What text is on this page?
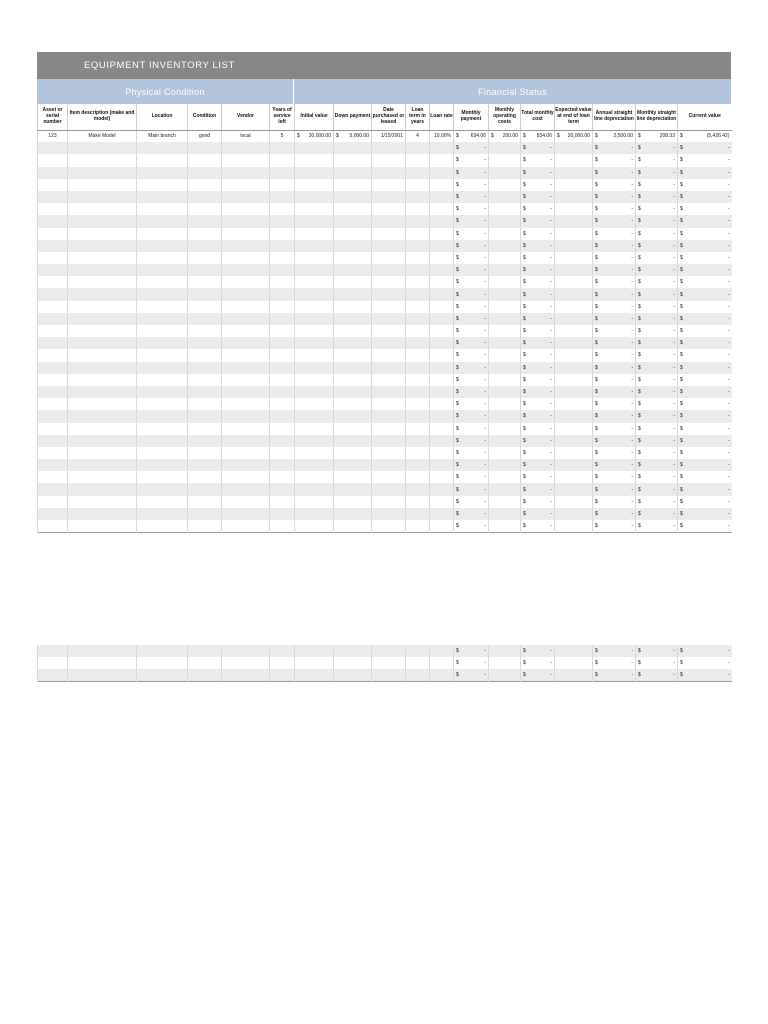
EQUIPMENT INVENTORY LIST
Physical Condition	Financial Status
Asset or serial number	Item description (make and model)	Location	Condition	Vendor	Years of service left	Initial value	Down payment	Date purchased or leased	Loan term in years	Loan rate	Monthly payment	Monthly operating costs	Total monthly cost	Expected value at end of loan term	Annual straight line depreciation	Monthly straight line depreciation	Current value
123	Make Model	Main branch	good	local	5	$ 30,000.00	$ 5,000.00	1/15/2001	4	10.00%	$ 634.06	$ 200.00	$ 834.06	$ 20,000.00	$ 2,500.00	$ 208.33	$ (5,426.42)

											$ -		$ -		$ -	$ -	$ -

											$ -		$ -		$ -	$ -	$ -

											$ -		$ -		$ -	$ -	$ -

											$ -		$ -		$ -	$ -	$ -

											$ -		$ -		$ -	$ -	$ -

											$ -		$ -		$ -	$ -	$ -

											$ -		$ -		$ -	$ -	$ -

											$ -		$ -		$ -	$ -	$ -

											$ -		$ -		$ -	$ -	$ -

											$ -		$ -		$ -	$ -	$ -

											$ -		$ -		$ -	$ -	$ -

											$ -		$ -		$ -	$ -	$ -

											$ -		$ -		$ -	$ -	$ -

											$ -		$ -		$ -	$ -	$ -

											$ -		$ -		$ -	$ -	$ -

											$ -		$ -		$ -	$ -	$ -

											$ -		$ -		$ -	$ -	$ -

											$ -		$ -		$ -	$ -	$ -

											$ -		$ -		$ -	$ -	$ -

											$ -		$ -		$ -	$ -	$ -

											$ -		$ -		$ -	$ -	$ -

											$ -		$ -		$ -	$ -	$ -

											$ -		$ -		$ -	$ -	$ -

											$ -		$ -		$ -	$ -	$ -

											$ -		$ -		$ -	$ -	$ -

											$ -		$ -		$ -	$ -	$ -

											$ -		$ -		$ -	$ -	$ -

											$ -		$ -		$ -	$ -	$ -

											$ -		$ -		$ -	$ -	$ -

											$ -		$ -		$ -	$ -	$ -

											$ -		$ -		$ -	$ -	$ -

											$ -		$ -		$ -	$ -	$ -

											$ -		$ -		$ -	$ -	$ -

											$ -		$ -		$ -	$ -	$ -

											$ -		$ -		$ -	$ -	$ -
